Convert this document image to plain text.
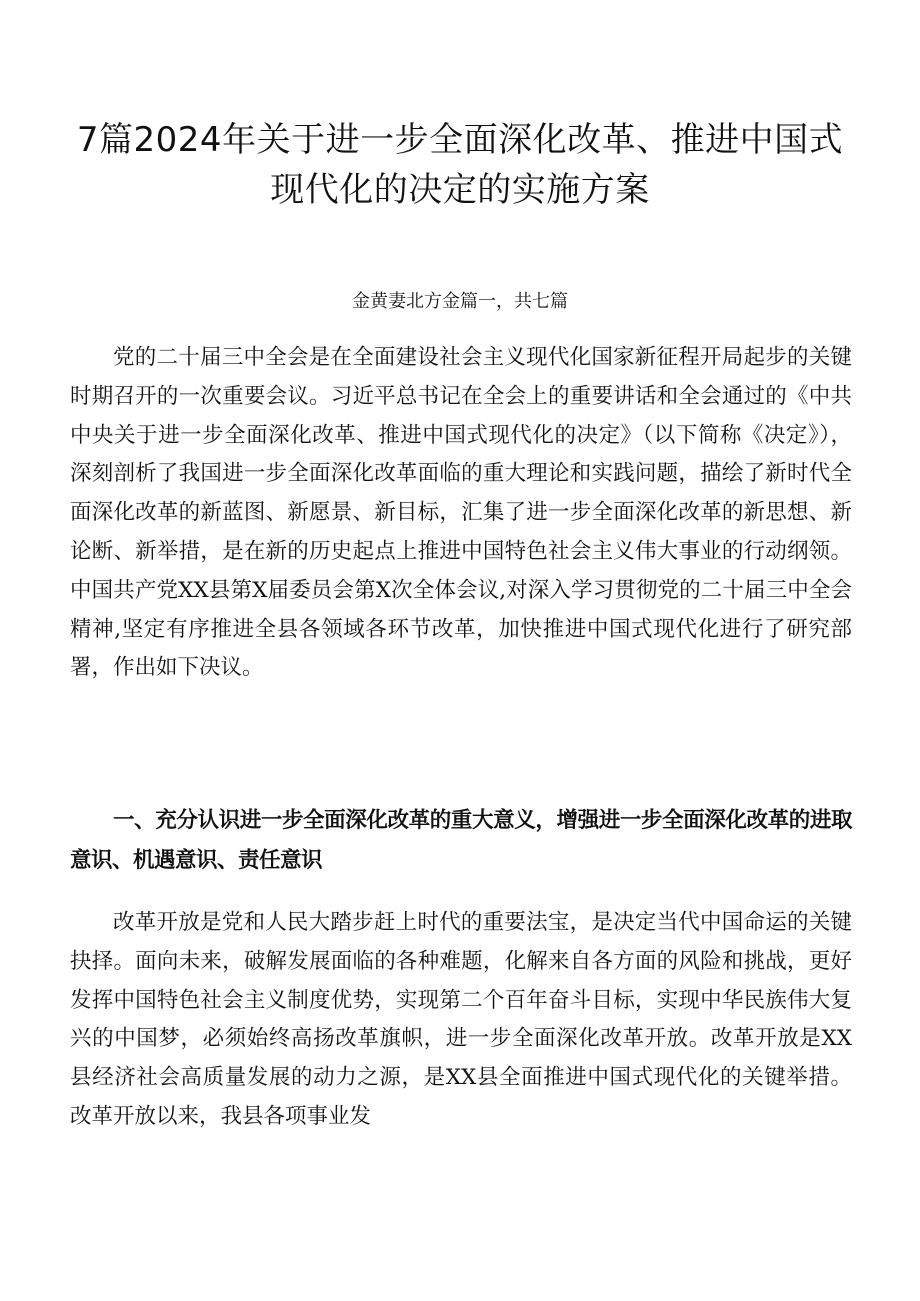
7篇2024年关于进一步全面深化改革、推进中国式
现代化的决定的实施方案

金黄妻北方金篇一，共七篇

党的二十届三中全会是在全面建设社会主义现代化国家新征程开局起步的关键时期召开的一次重要会议。习近平总书记在全会上的重要讲话和全会通过的《中共中央关于进一步全面深化改革、推进中国式现代化的决定》（以下简称《决定》），深刻剖析了我国进一步全面深化改革面临的重大理论和实践问题，描绘了新时代全面深化改革的新蓝图、新愿景、新目标，汇集了进一步全面深化改革的新思想、新论断、新举措，是在新的历史起点上推进中国特色社会主义伟大事业的行动纲领。中国共产党XX县第X届委员会第X次全体会议,对深入学习贯彻党的二十届三中全会精神,坚定有序推进全县各领域各环节改革，加快推进中国式现代化进行了研究部署，作出如下决议。

一、充分认识进一步全面深化改革的重大意义，增强进一步全面深化改革的进取意识、机遇意识、责任意识

改革开放是党和人民大踏步赶上时代的重要法宝，是决定当代中国命运的关键抉择。面向未来，破解发展面临的各种难题，化解来自各方面的风险和挑战，更好发挥中国特色社会主义制度优势，实现第二个百年奋斗目标，实现中华民族伟大复兴的中国梦，必须始终高扬改革旗帜，进一步全面深化改革开放。改革开放是XX县经济社会高质量发展的动力之源，是XX县全面推进中国式现代化的关键举措。改革开放以来，我县各项事业发
